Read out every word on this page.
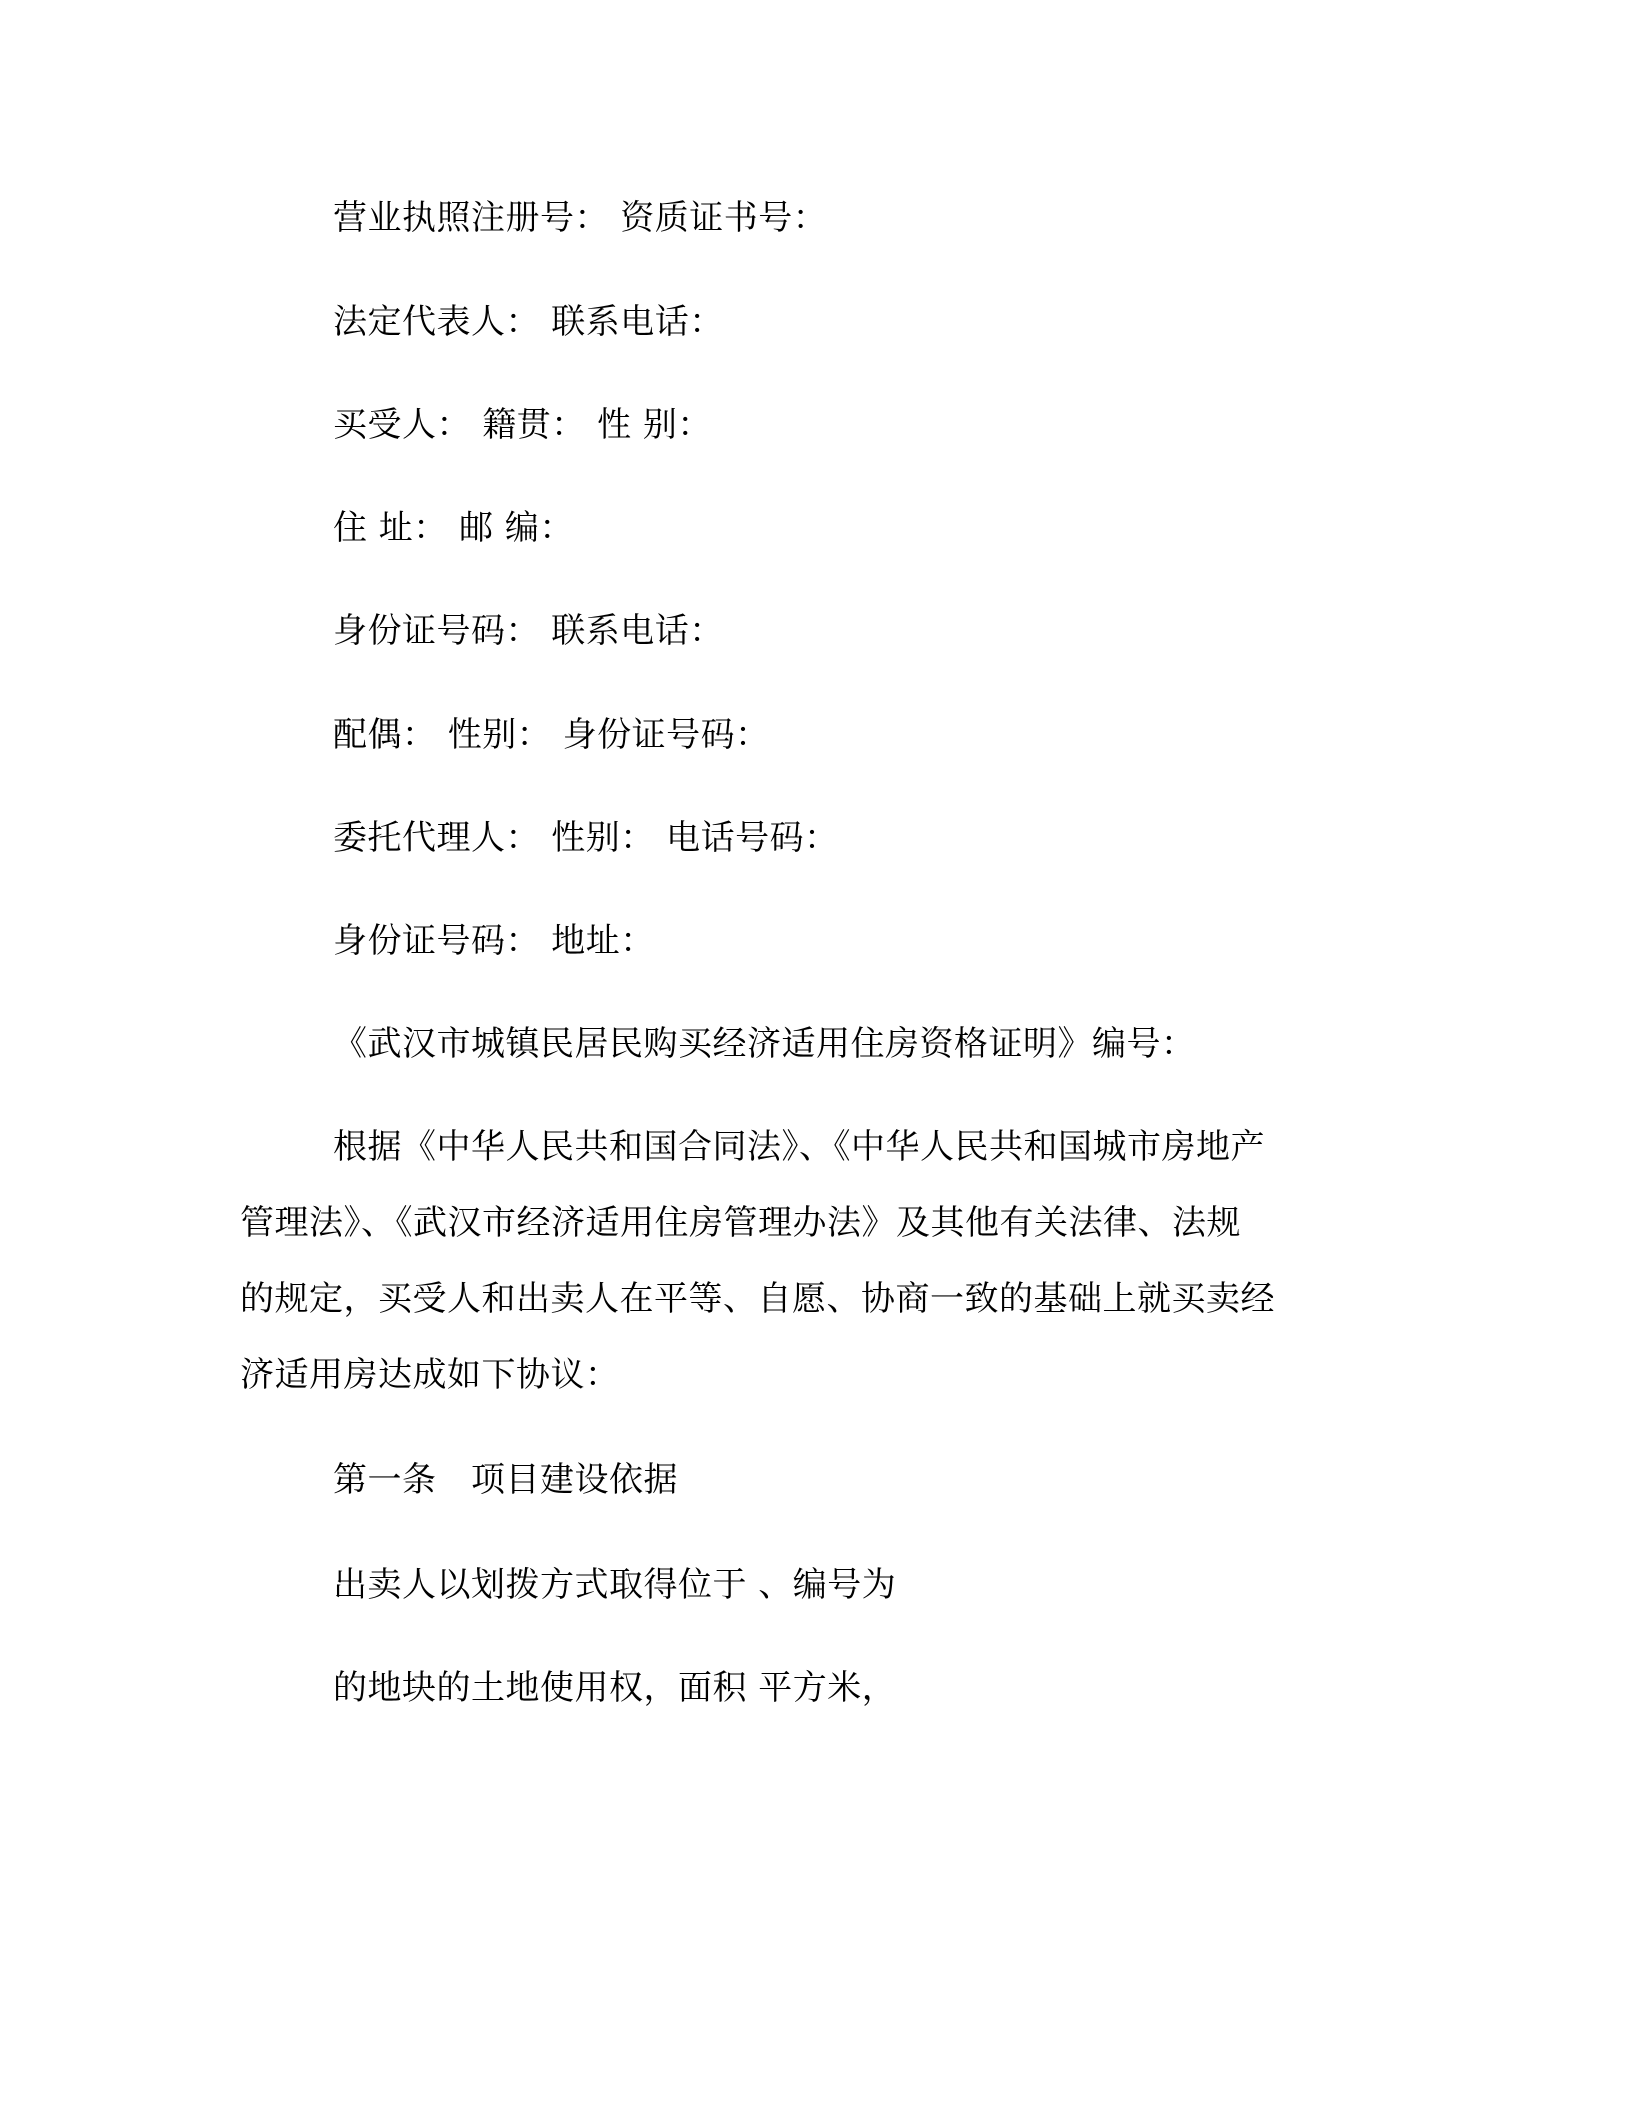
营业执照注册号： 资质证书号：
法定代表人： 联系电话：
买受人： 籍贯： 性 别：
住 址： 邮 编：
身份证号码： 联系电话：
配偶： 性别： 身份证号码：
委托代理人： 性别： 电话号码：
身份证号码： 地址：
《武汉市城镇民居民购买经济适用住房资格证明》编号：
根据《中华人民共和国合同法》、《中华人民共和国城市房地产
管理法》、《武汉市经济适用住房管理办法》及其他有关法律、法规
的规定，买受人和出卖人在平等、自愿、协商一致的基础上就买卖经
济适用房达成如下协议：
第一条　项目建设依据
出卖人以划拨方式取得位于 、编号为
的地块的土地使用权，面积 平方米，
